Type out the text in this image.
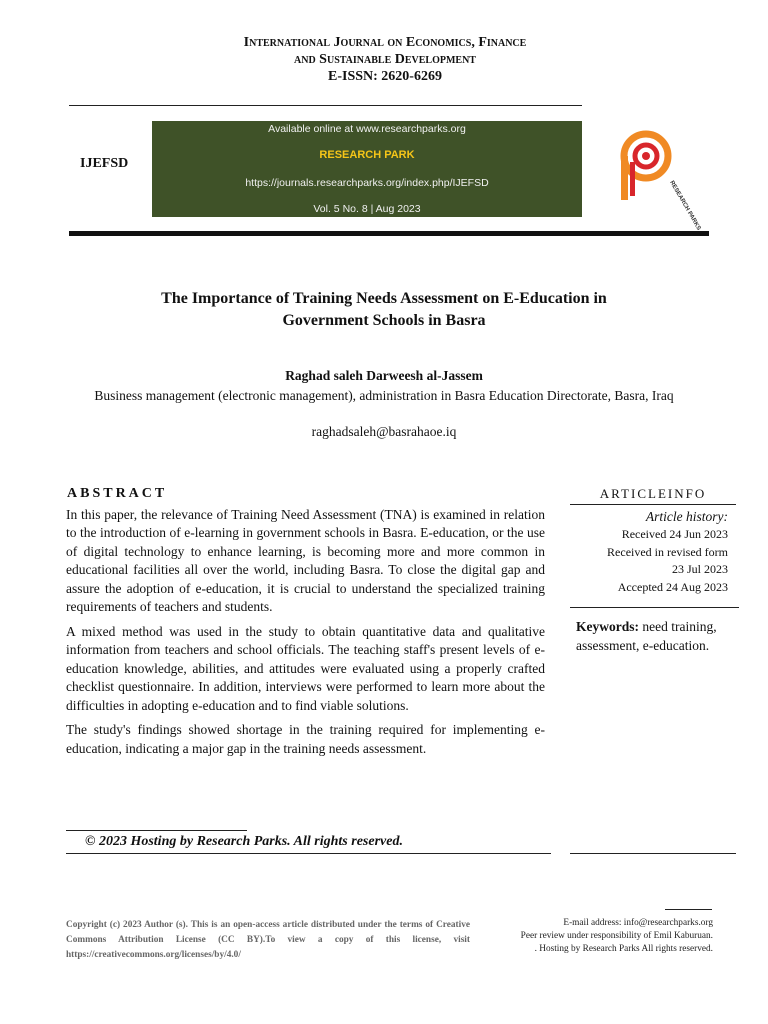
International Journal on Economics, Finance
and Sustainable Development
E-ISSN: 2620-6269
IJEFSD
Available online at www.researchparks.org
RESEARCH PARK
https://journals.researchparks.org/index.php/IJEFSD
Vol. 5 No. 8 | Aug 2023	RESEARCH PARKS
The Importance of Training Needs Assessment on E-Education in
Government Schools in Basra
Raghad saleh Darweesh al-Jassem
Business management (electronic management), administration in Basra Education Directorate, Basra, Iraq
raghadsaleh@basrahaoe.iq
ABSTRACT

In this paper, the relevance of Training Need Assessment (TNA) is examined in relation to the introduction of e-learning in government schools in Basra. E-education, or the use of digital technology to enhance learning, is becoming more and more common in educational facilities all over the world, including Basra. To close the digital gap and assure the adoption of e-education, it is crucial to understand the specialized training requirements of teachers and students.

A mixed method was used in the study to obtain quantitative data and qualitative information from teachers and school officials. The teaching staff's present levels of e-education knowledge, abilities, and attitudes were evaluated using a properly crafted checklist questionnaire. In addition, interviews were performed to learn more about the difficulties in adopting e-education and to find viable solutions.

The study's findings showed shortage in the training required for implementing e-education, indicating a major gap in the training needs assessment.

ARTICLEINFO
Article history:
Received 24 Jun 2023
Received in revised form
23 Jul 2023
Accepted 24 Aug 2023
Keywords: need training, assessment, e-education.
© 2023 Hosting by Research Parks. All rights reserved.
Copyright (c) 2023 Author (s). This is an open-access article distributed under the terms of Creative Commons Attribution License (CC BY).To view a copy of this license, visit https://creativecommons.org/licenses/by/4.0/
E-mail address: info@researchparks.org
Peer review under responsibility of Emil Kaburuan.
. Hosting by Research Parks All rights reserved.
